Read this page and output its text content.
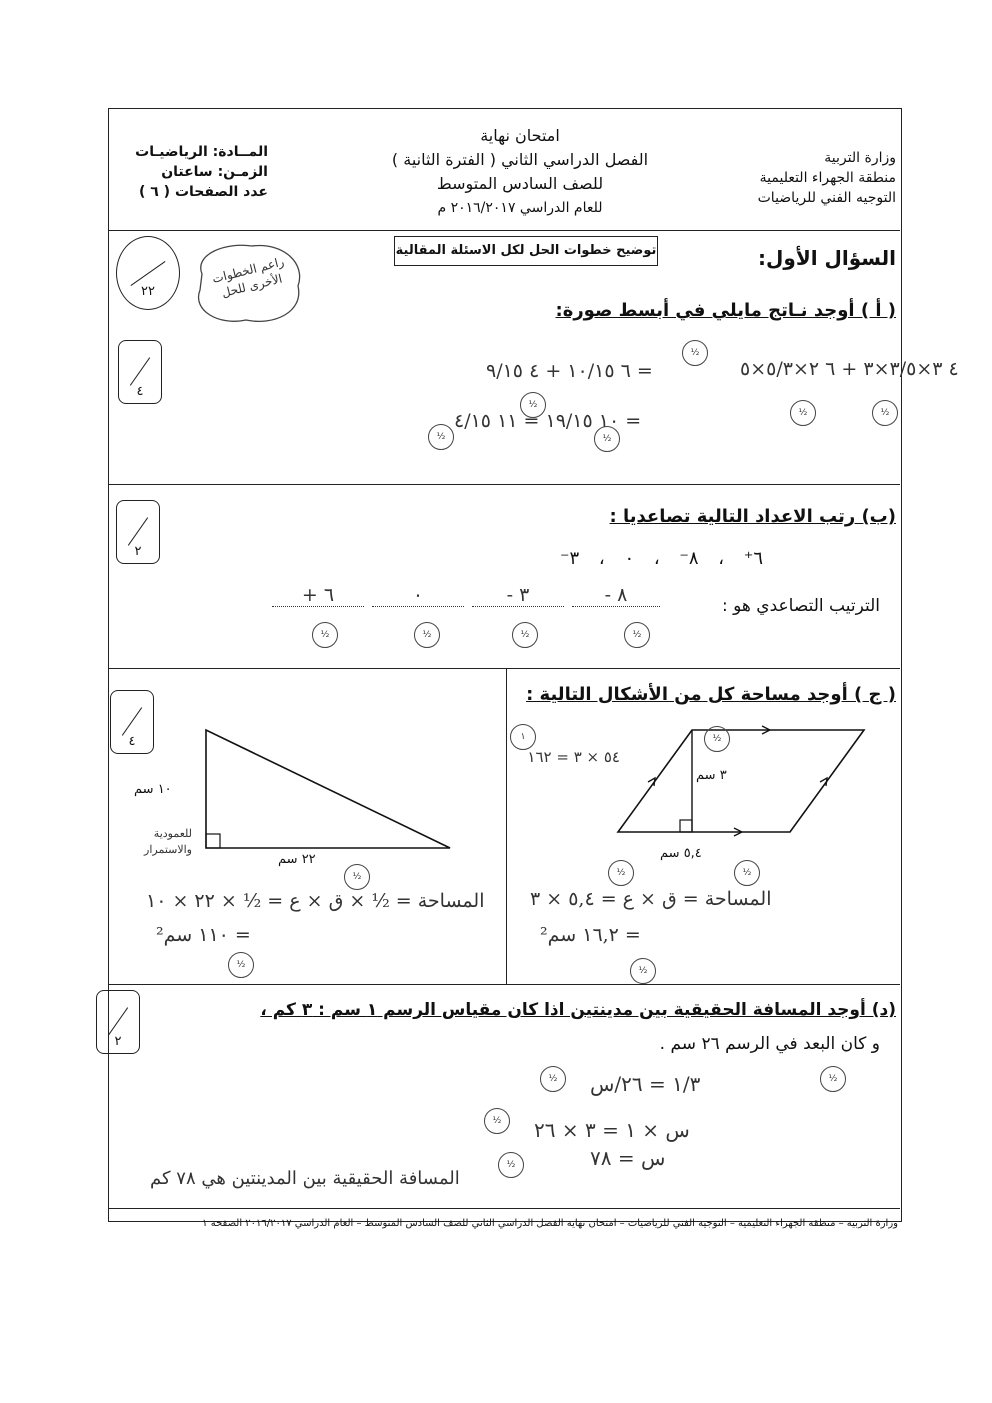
وزارة التربية
منطقة الجهراء التعليمية
التوجيه الفني للرياضيات
امتحان نهاية
الفصل الدراسي الثاني ( الفترة الثانية )
للصف السادس المتوسط
للعام الدراسي ٢٠١٦/٢٠١٧ م
المــادة: الرياضيـات
الزمـن: ساعتان
عدد الصفحات ( ٦ )
السؤال الأول:
توضيح خطوات الحل لكل الاسئلة المقالية
٢٢
راعم الخطوات الأخرى للحل
( أ ) أوجد نـاتج مايلي في أبسط صورة:
٤
٤ ٣×٣/٥×٣ + ٦ ٢×٥/٣×٥
= ٦ ١٠/١٥ + ٤ ٩/١٥
= ١٠ ١٩/١٥ = ١١ ٤/١٥
½
½	½
½
½
½
(ب) رتب الاعداد التالية تصاعديا :
٢	٦⁺ ، ٨⁻ ، ٠ ، ٣⁻
الترتيب التصاعدي هو :
٨ -
٣ -
٠
٦ +
½
½
½
½
( ج ) أوجد مساحة كل من الأشكال التالية :
٤
٣ سم
٥,٤ سم
٥٤ × ٣ = ١٦٢
المساحة = ق × ع = ٥,٤ × ٣
= ١٦,٢ سم²
½
١
½	½
½
١٠ سم
٢٢ سم
للعمودية والاستمرار
المساحة = ½ × ق × ع = ½ × ٢٢ × ١٠
= ١١٠ سم²
½
½
(د) أوجد المسافة الحقيقية بين مدينتين اذا كان مقياس الرسم ١ سم : ٣ كم ،
و كان البعد في الرسم ٢٦ سم .
٢
١/٣ = ٢٦/س
س × ١ = ٣ × ٢٦
س = ٧٨
المسافة الحقيقية بين المدينتين هي ٧٨ كم
½	½
½
½
وزارة التربية – منطقة الجهراء التعليمية – التوجيه الفني للرياضيات – امتحان نهاية الفصل الدراسي الثاني للصف السادس المتوسط – العام الدراسي ٢٠١٦/٢٠١٧ الصفحة ١
